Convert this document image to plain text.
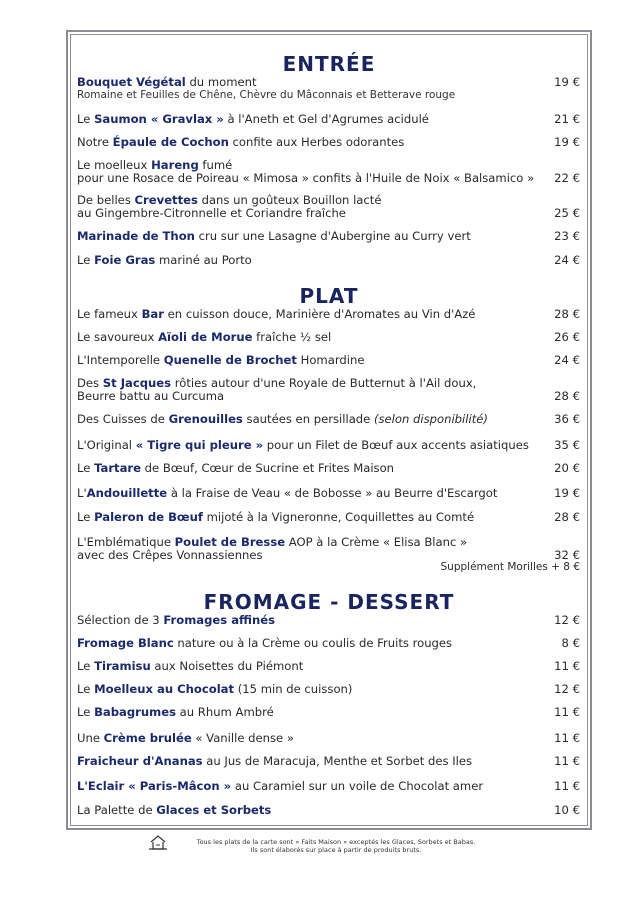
ENTRÉE
Bouquet Végétal du moment
Romaine et Feuilles de Chêne, Chèvre du Mâconnais et Betterave rouge
19 €
Le Saumon « Gravlax » à l'Aneth et Gel d'Agrumes acidulé	21 €
Notre Épaule de Cochon confite aux Herbes odorantes	19 €
Le moelleux Hareng fumé
pour une Rosace de Poireau « Mimosa » confits à l'Huile de Noix « Balsamico »	22 €
De belles Crevettes dans un goûteux Bouillon lacté
au Gingembre-Citronnelle et Coriandre fraîche	25 €
Marinade de Thon cru sur une Lasagne d'Aubergine au Curry vert	23 €
Le Foie Gras mariné au Porto	24 €
PLAT
Le fameux Bar en cuisson douce, Marinière d'Aromates au Vin d'Azé	28 €
Le savoureux Aïoli de Morue fraîche ½ sel	26 €
L'Intemporelle Quenelle de Brochet Homardine	24 €
Des St Jacques rôties autour d'une Royale de Butternut à l'Ail doux,
Beurre battu au Curcuma	28 €
Des Cuisses de Grenouilles sautées en persillade (selon disponibilité)	36 €
L'Original « Tigre qui pleure » pour un Filet de Bœuf aux accents asiatiques	35 €
Le Tartare de Bœuf, Cœur de Sucrine et Frites Maison	20 €
L'Andouillette à la Fraise de Veau « de Bobosse » au Beurre d'Escargot	19 €
Le Paleron de Bœuf mijoté à la Vigneronne, Coquillettes au Comté	28 €
L'Emblématique Poulet de Bresse AOP à la Crème « Elisa Blanc »
avec des Crêpes Vonnassiennes	32 €
Supplément Morilles + 8 €
FROMAGE - DESSERT
Sélection de 3 Fromages affinés	12 €
Fromage Blanc nature ou à la Crème ou coulis de Fruits rouges	8 €
Le Tiramisu aux Noisettes du Piémont	11 €
Le Moelleux au Chocolat (15 min de cuisson)	12 €
Le Babagrumes au Rhum Ambré	11 €
Une Crème brulée « Vanille dense »	11 €
Fraicheur d'Ananas au Jus de Maracuja, Menthe et Sorbet des Iles	11 €
L'Eclair « Paris-Mâcon » au Caramiel sur un voile de Chocolat amer	11 €
La Palette de Glaces et Sorbets	10 €
Tous les plats de la carte sont « Faits Maison » exceptés les Glaces, Sorbets et Babas.
Ils sont élaborés sur place à partir de produits bruts.
